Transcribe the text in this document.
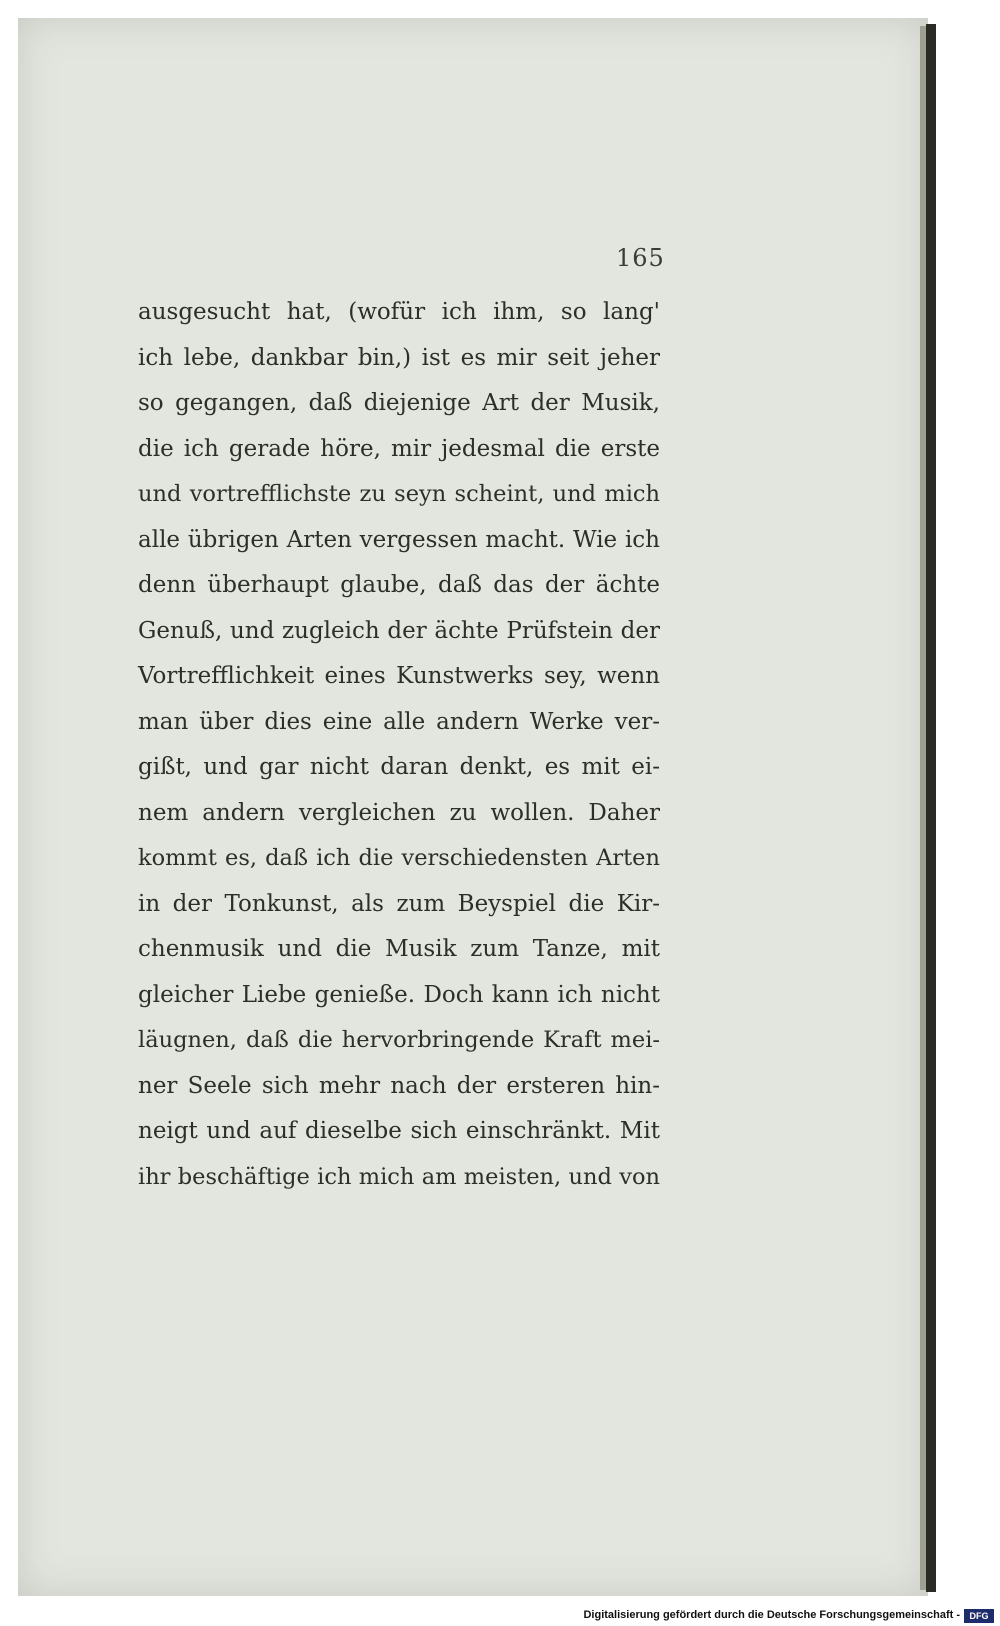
165
ausgesucht hat, (wofür ich ihm, so lang'
ich lebe, dankbar bin,) ist es mir seit jeher
so gegangen, daß diejenige Art der Musik,
die ich gerade höre, mir jedesmal die erste
und vortrefflichste zu seyn scheint, und mich
alle übrigen Arten vergessen macht. Wie ich
denn überhaupt glaube, daß das der ächte
Genuß, und zugleich der ächte Prüfstein der
Vortrefflichkeit eines Kunstwerks sey, wenn
man über dies eine alle andern Werke ver-
gißt, und gar nicht daran denkt, es mit ei-
nem andern vergleichen zu wollen. Daher
kommt es, daß ich die verschiedensten Arten
in der Tonkunst, als zum Beyspiel die Kir-
chenmusik und die Musik zum Tanze, mit
gleicher Liebe genieße. Doch kann ich nicht
läugnen, daß die hervorbringende Kraft mei-
ner Seele sich mehr nach der ersteren hin-
neigt und auf dieselbe sich einschränkt. Mit
ihr beschäftige ich mich am meisten, und von
Digitalisierung gefördert durch die Deutsche Forschungsgemeinschaft -	DFG
